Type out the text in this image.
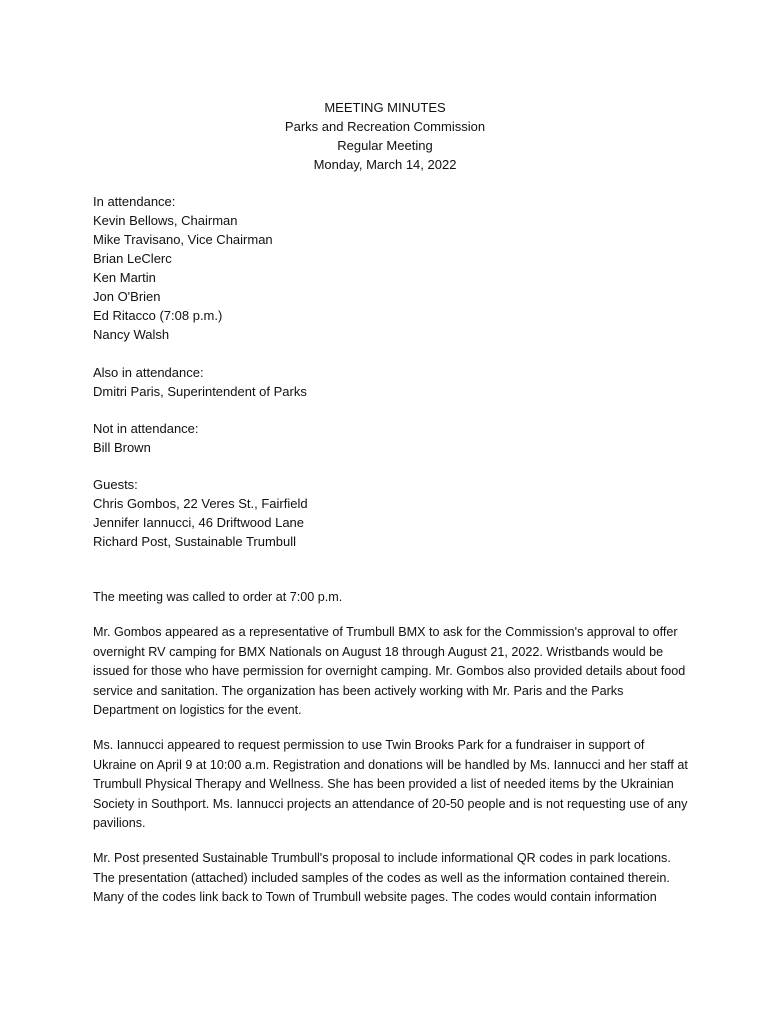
MEETING MINUTES
Parks and Recreation Commission
Regular Meeting
Monday, March 14, 2022
In attendance:
Kevin Bellows, Chairman
Mike Travisano, Vice Chairman
Brian LeClerc
Ken Martin
Jon O'Brien
Ed Ritacco (7:08 p.m.)
Nancy Walsh
Also in attendance:
Dmitri Paris, Superintendent of Parks
Not in attendance:
Bill Brown
Guests:
Chris Gombos, 22 Veres St., Fairfield
Jennifer Iannucci, 46 Driftwood Lane
Richard Post, Sustainable Trumbull
The meeting was called to order at 7:00 p.m.
Mr. Gombos appeared as a representative of Trumbull BMX to ask for the Commission's approval to offer overnight RV camping for BMX Nationals on August 18 through August 21, 2022. Wristbands would be issued for those who have permission for overnight camping. Mr. Gombos also provided details about food service and sanitation. The organization has been actively working with Mr. Paris and the Parks Department on logistics for the event.
Ms. Iannucci appeared to request permission to use Twin Brooks Park for a fundraiser in support of Ukraine on April 9 at 10:00 a.m. Registration and donations will be handled by Ms. Iannucci and her staff at Trumbull Physical Therapy and Wellness. She has been provided a list of needed items by the Ukrainian Society in Southport. Ms. Iannucci projects an attendance of 20-50 people and is not requesting use of any pavilions.
Mr. Post presented Sustainable Trumbull's proposal to include informational QR codes in park locations. The presentation (attached) included samples of the codes as well as the information contained therein. Many of the codes link back to Town of Trumbull website pages. The codes would contain information
